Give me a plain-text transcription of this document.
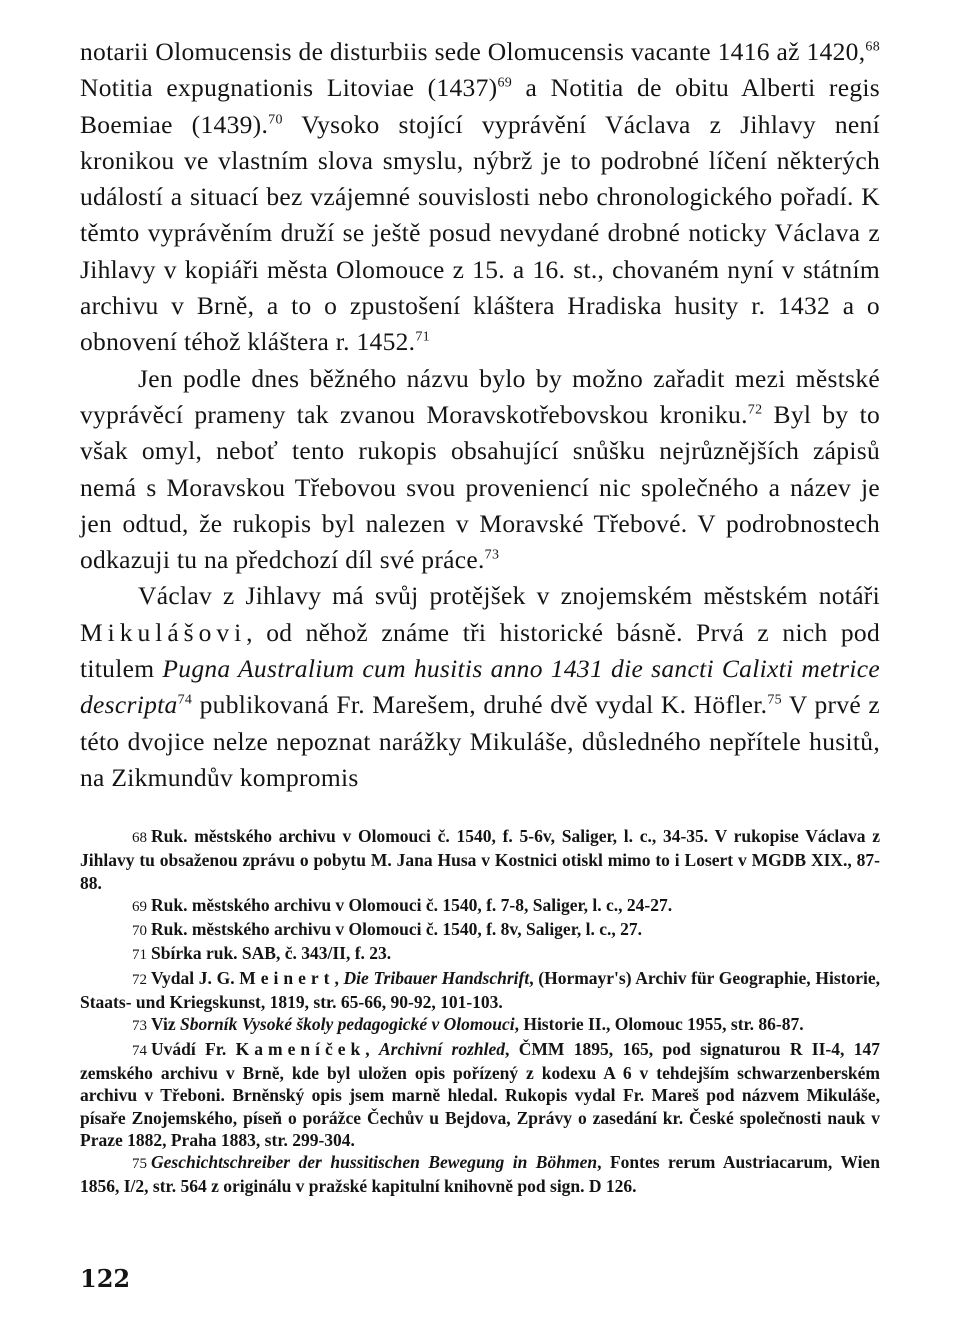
notarii Olomucensis de disturbiis sede Olomucensis vacante 1416 až 1420,68 Notitia expugnationis Litoviae $(1437)^{69}$ a Notitia de obitu Alberti regis Boemiae (1439).$^{70}$ Vysoko stojící vyprávění Václava z Jihlavy není kronikou ve vlastním slova smyslu, nýbrž je to podrobné líčení některých událostí a situací bez vzájemné souvislosti nebo chronologického pořadí. K těmto vyprávěním druží se ještě posud nevydané drobné noticky Václava z Jihlavy v kopiáři města Olomouce z 15. a 16. st., chovaném nyní v státním archivu v Brně, a to o zpustošení kláštera Hradiska husity r. 1432 a o obnovení téhož kláštera r. 1452.71

Jen podle dnes běžného názvu bylo by možno zařadit mezi městské vyprávěcí prameny tak zvanou Moravskotřebovskou kroniku.$^{72}$ Byl by to však omyl, neboť tento rukopis obsahující snůšku nejrůznějších zápisů nemá s Moravskou Třebovou svou proveniencí nic společného a název je jen odtud, že rukopis byl nalezen v Moravské Třebové. V podrobnostech odkazuji tu na předchozí díl své práce.$^{73}$

Václav z Jihlavy má svůj protějšek v znojemském městském notáři Mikulášovi, od něhož známe tři historické básně. Prvá z nich pod titulem Pugna Australium cum husitis anno 1431 die sancti Calixti metrice descripta$^{74}$ publikovaná Fr. Marešem, druhé dvě vydal K. Höfler.$^{75}$ V prvé z této dvojice nelze nepoznat narážky Mikuláše, důsledného nepřítele husitů, na Zikmundův kompromis

68 Ruk. městského archivu v Olomouci č. 1540, f. 5-6v, Saliger, l. c., 34-35. V rukopise Václava z Jihlavy tu obsaženou zprávu o pobytu M. Jana Husa v Kostnici otiskl mimo to i Losert v MGDB XIX., 87-88.

69 Ruk. městského archivu v Olomouci č. 1540, f. 7-8, Saliger, l. c., 24-27.

70 Ruk. městského archivu v Olomouci č. 1540, f. 8v, Saliger, l. c., 27.

71 Sbírka ruk. SAB, č. 343/II, f. 23.

72 Vydal J. G. Meinert, Die Tribauer Handschrift, (Hormayr's) Archiv für Geographie, Historie, Staats- und Kriegskunst, 1819, str. 65-66, 90-92, 101-103.

73 Viz Sborník Vysoké školy pedagogické v Olomouci, Historie II., Olomouc 1955, str. 86-87.

74 Uvádí Fr. Kameníček, Archivní rozhled, ČMM 1895, 165, pod signaturou R II-4, 147 zemského archivu v Brně, kde byl uložen opis pořízený z kodexu A 6 v tehdejším schwarzenberském archivu v Třeboni. Brněnský opis jsem marně hledal. Rukopis vydal Fr. Mareš pod názvem Mikuláše, písaře Znojemského, píseň o porážce Čechův u Bejdova, Zprávy o zasedání kr. České společnosti nauk v Praze 1882, Praha 1883, str. 299-304.

75 Geschichtschreiber der hussitischen Bewegung in Böhmen, Fontes rerum Austriacarum, Wien 1856, I/2, str. 564 z originálu v pražské kapitulní knihovně pod sign. D 126.

122
